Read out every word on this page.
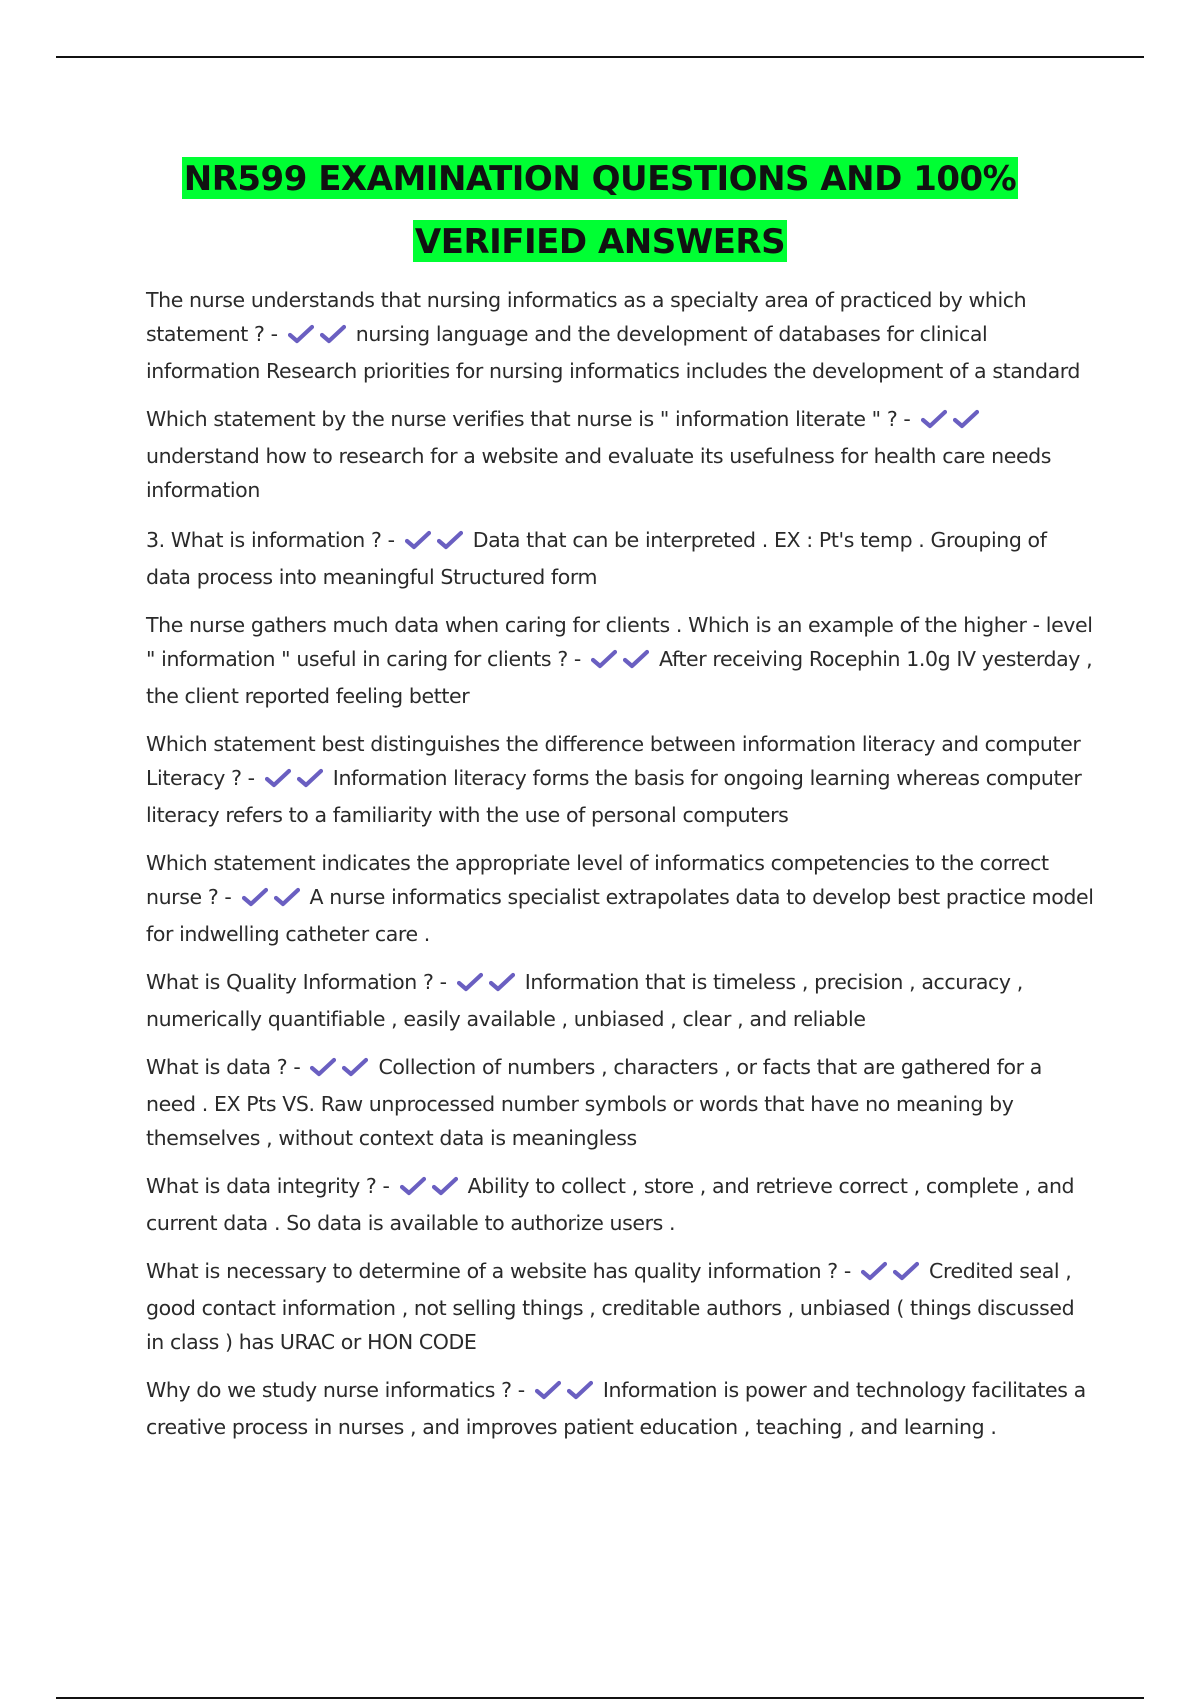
NR599 EXAMINATION QUESTIONS AND 100%
VERIFIED ANSWERS

The nurse understands that nursing informatics as a specialty area of practiced by which statement ? -	nursing language and the development of databases for clinical information Research priorities for nursing informatics includes the development of a standard

Which statement by the nurse verifies that nurse is " information literate " ? -
understand how to research for a website and evaluate its usefulness for health care needs information

3. What is information ? -	Data that can be interpreted . EX : Pt's temp . Grouping of data process into meaningful Structured form

The nurse gathers much data when caring for clients . Which is an example of the higher - level " information " useful in caring for clients ? -	After receiving Rocephin 1.0g IV yesterday , the client reported feeling better

Which statement best distinguishes the difference between information literacy and computer Literacy ? -	Information literacy forms the basis for ongoing learning whereas computer literacy refers to a familiarity with the use of personal computers

Which statement indicates the appropriate level of informatics competencies to the correct nurse ? -	A nurse informatics specialist extrapolates data to develop best practice model for indwelling catheter care .

What is Quality Information ? -	Information that is timeless , precision , accuracy , numerically quantifiable , easily available , unbiased , clear , and reliable

What is data ? -	Collection of numbers , characters , or facts that are gathered for a need . EX Pts VS. Raw unprocessed number symbols or words that have no meaning by themselves , without context data is meaningless

What is data integrity ? -	Ability to collect , store , and retrieve correct , complete , and current data . So data is available to authorize users .

What is necessary to determine of a website has quality information ? -	Credited seal , good contact information , not selling things , creditable authors , unbiased ( things discussed in class ) has URAC or HON CODE

Why do we study nurse informatics ? -	Information is power and technology facilitates a creative process in nurses , and improves patient education , teaching , and learning .
